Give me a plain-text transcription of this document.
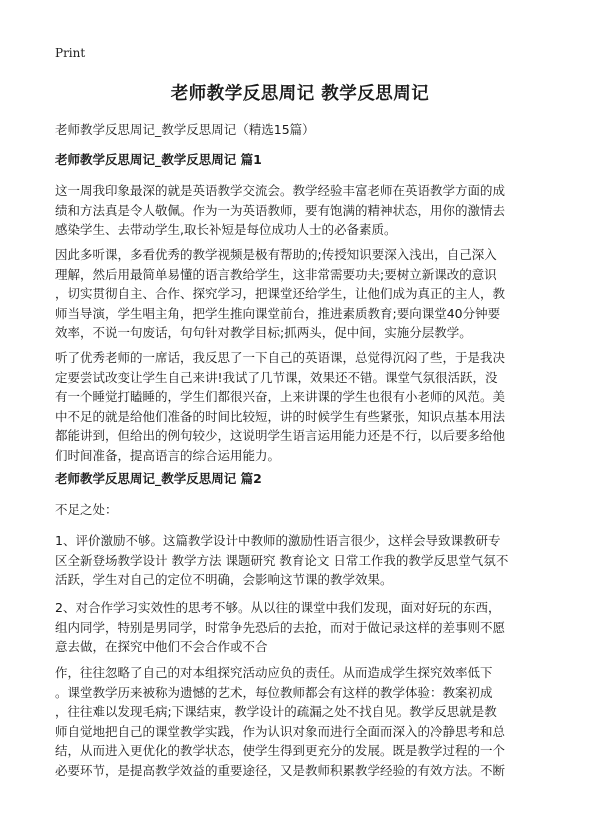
Print
老师教学反思周记 教学反思周记

老师教学反思周记_教学反思周记（精选15篇）

老师教学反思周记_教学反思周记 篇1
这一周我印象最深的就是英语教学交流会。教学经验丰富老师在英语教学方面的成
绩和方法真是令人敬佩。作为一为英语教师，要有饱满的精神状态，用你的激情去
感染学生、去带动学生,取长补短是每位成功人士的必备素质。
因此多听课，多看优秀的教学视频是极有帮助的;传授知识要深入浅出，自己深入
理解，然后用最简单易懂的语言教给学生，这非常需要功夫;要树立新课改的意识
，切实贯彻自主、合作、探究学习，把课堂还给学生，让他们成为真正的主人，教
师当导演，学生唱主角，把学生推向课堂前台，推进素质教育;要向课堂40分钟要
效率，不说一句废话，句句针对教学目标;抓两头，促中间，实施分层教学。
听了优秀老师的一席话，我反思了一下自己的英语课，总觉得沉闷了些，于是我决
定要尝试改变让学生自己来讲!我试了几节课，效果还不错。课堂气氛很活跃，没
有一个睡觉打瞌睡的，学生们都很兴奋，上来讲课的学生也很有小老师的风范。美
中不足的就是给他们准备的时间比较短，讲的时候学生有些紧张，知识点基本用法
都能讲到，但给出的例句较少，这说明学生语言运用能力还是不行，以后要多给他
们时间准备，提高语言的综合运用能力。
老师教学反思周记_教学反思周记 篇2
不足之处：
1、评价激励不够。这篇教学设计中教师的激励性语言很少，这样会导致课教研专
区全新登场教学设计 教学方法 课题研究 教育论文 日常工作我的教学反思堂气氛不
活跃，学生对自己的定位不明确，会影响这节课的教学效果。
2、对合作学习实效性的思考不够。从以往的课堂中我们发现，面对好玩的东西，
组内同学，特别是男同学，时常争先恐后的去抢，而对于做记录这样的差事则不愿
意去做，在探究中他们不会合作或不合
作，往往忽略了自己的对本组探究活动应负的责任。从而造成学生探究效率低下
。课堂教学历来被称为遗憾的艺术，每位教师都会有这样的教学体验：教案初成
，往往难以发现毛病;下课结束，教学设计的疏漏之处不找自见。教学反思就是教
师自觉地把自己的课堂教学实践，作为认识对象而进行全面而深入的冷静思考和总
结，从而进入更优化的教学状态，使学生得到更充分的发展。既是教学过程的一个
必要环节，是提高教学效益的重要途径，又是教师积累教学经验的有效方法。不断
